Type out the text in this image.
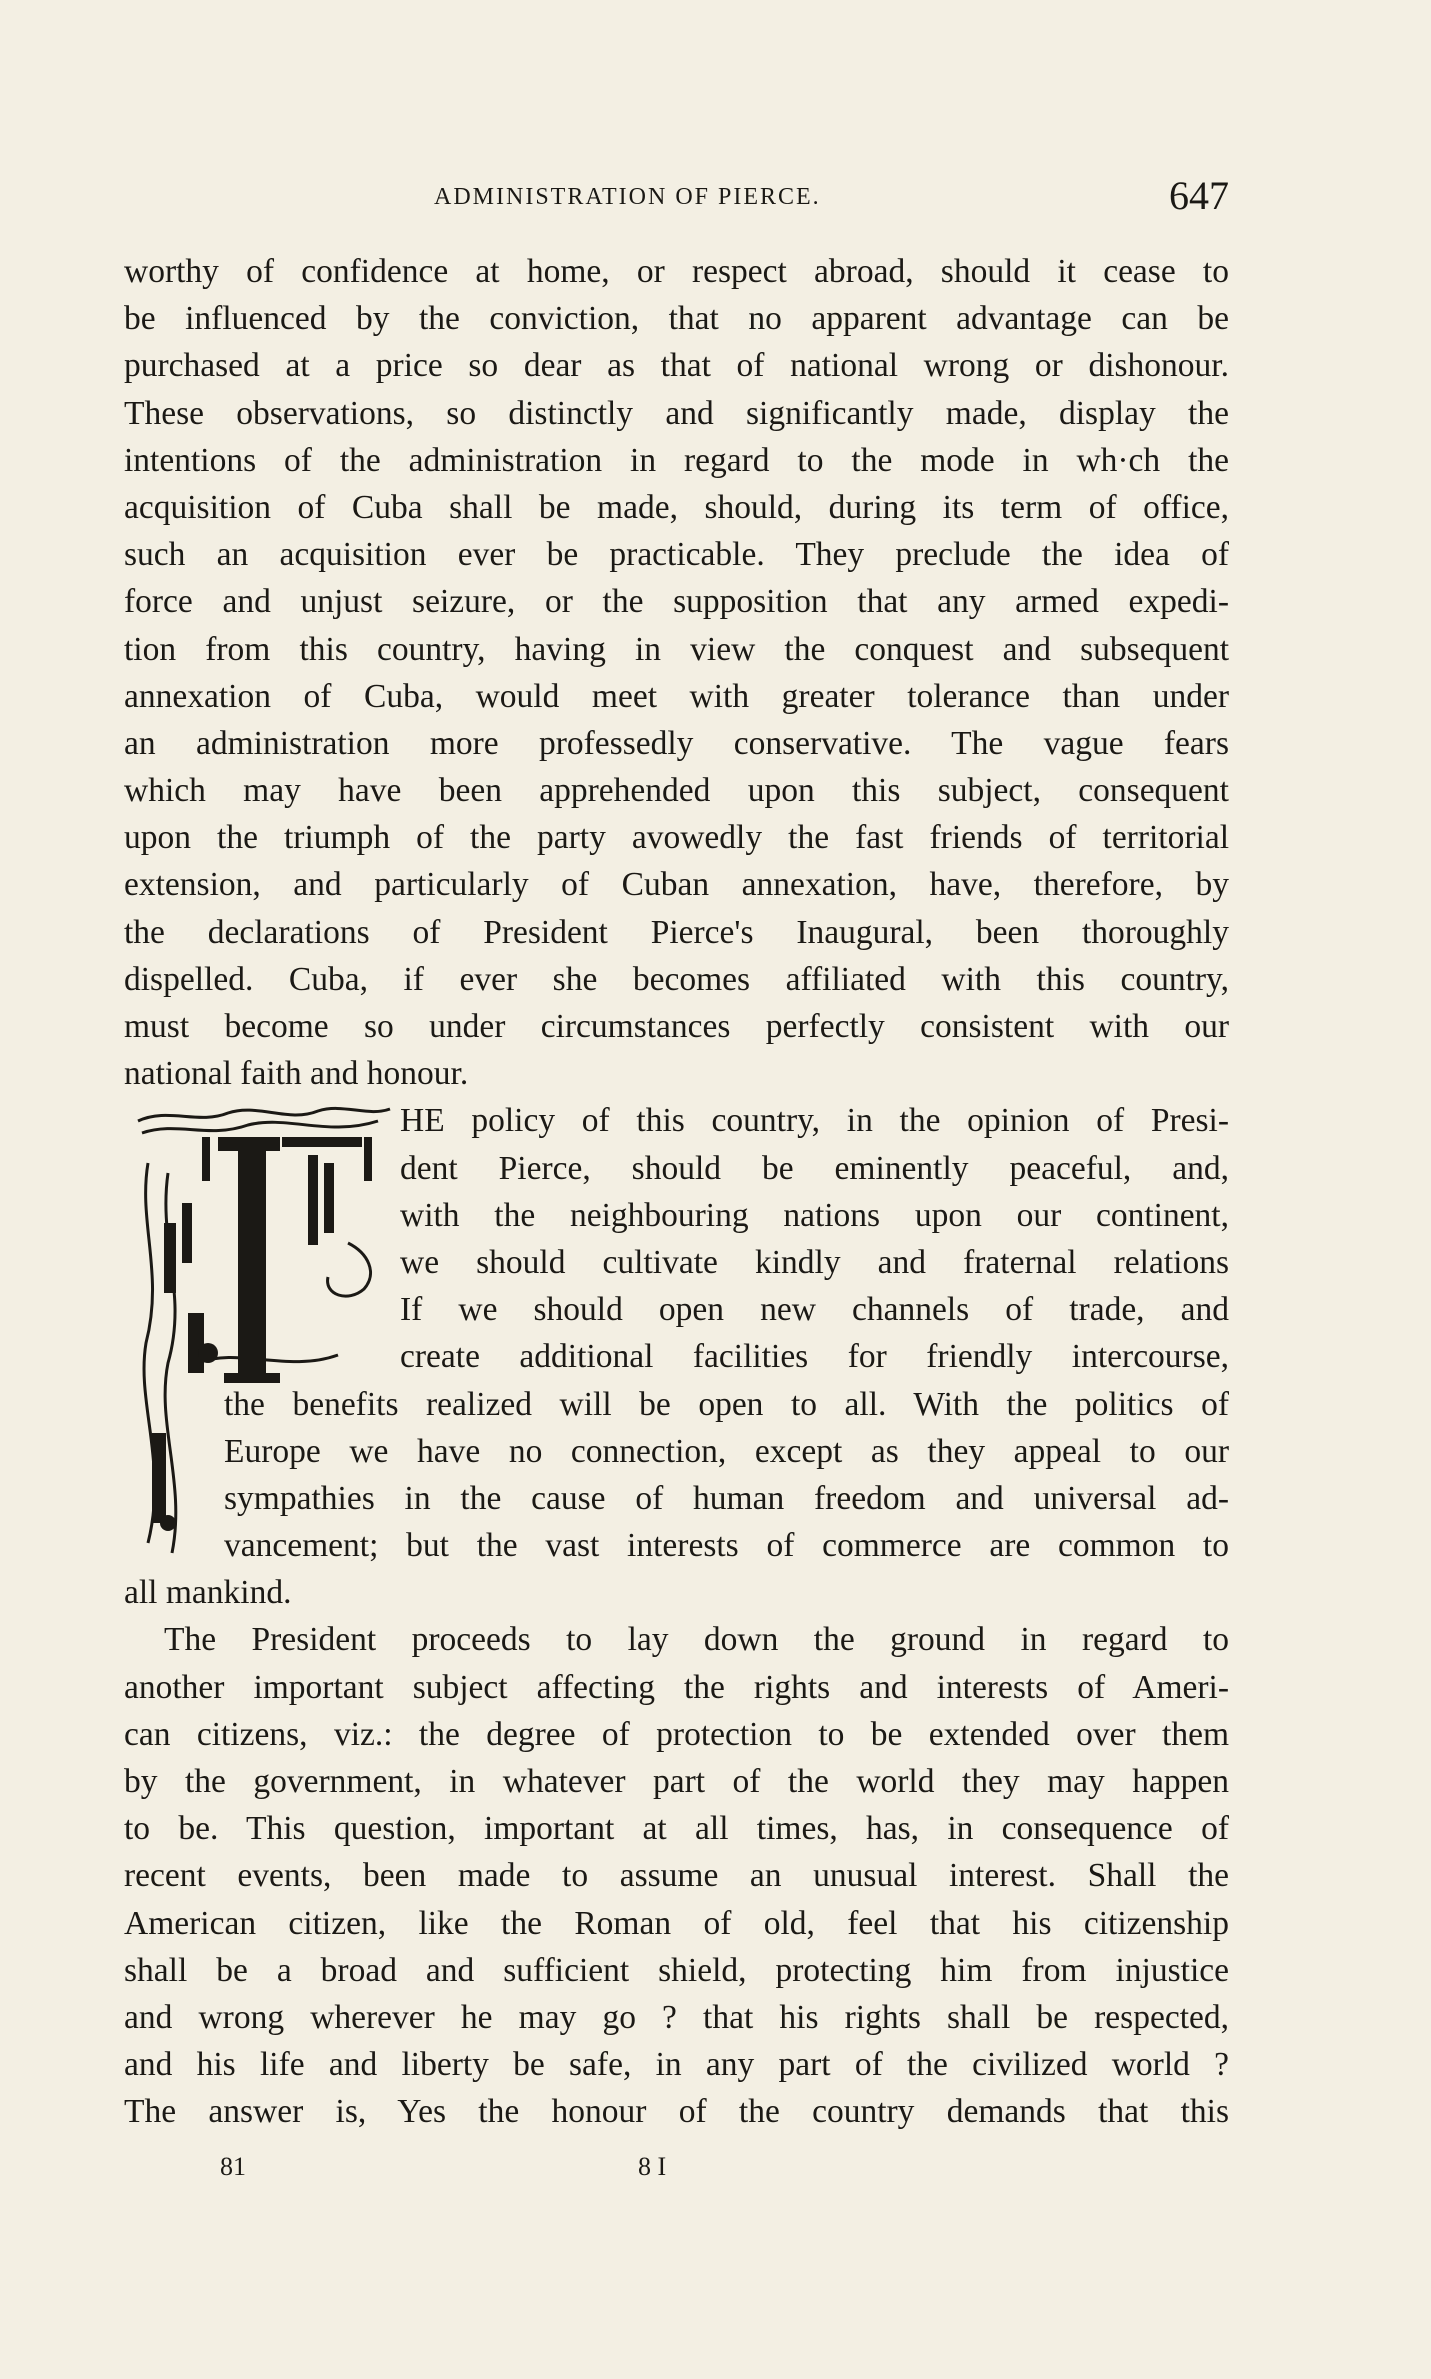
ADMINISTRATION OF PIERCE.	647
worthy of confidence at home, or respect abroad, should it cease to
be influenced by the conviction, that no apparent advantage can be
purchased at a price so dear as that of national wrong or dishonour.
These observations, so distinctly and significantly made, display the
intentions of the administration in regard to the mode in wh·ch the
acquisition of Cuba shall be made, should, during its term of office,
such an acquisition ever be practicable. They preclude the idea of
force and unjust seizure, or the supposition that any armed expedi-
tion from this country, having in view the conquest and subsequent
annexation of Cuba, would meet with greater tolerance than under
an administration more professedly conservative. The vague fears
which may have been apprehended upon this subject, consequent
upon the triumph of the party avowedly the fast friends of territorial
extension, and particularly of Cuban annexation, have, therefore, by
the declarations of President Pierce's Inaugural, been thoroughly
dispelled. Cuba, if ever she becomes affiliated with this country,
must become so under circumstances perfectly consistent with our
national faith and honour.
HE policy of this country, in the opinion of Presi-
dent Pierce, should be eminently peaceful, and,
with the neighbouring nations upon our continent,
we should cultivate kindly and fraternal relations
If we should open new channels of trade, and
create additional facilities for friendly intercourse,
the benefits realized will be open to all. With the politics of
Europe we have no connection, except as they appeal to our
sympathies in the cause of human freedom and universal ad-
vancement; but the vast interests of commerce are common to
all mankind.
The President proceeds to lay down the ground in regard to
another important subject affecting the rights and interests of Ameri-
can citizens, viz.: the degree of protection to be extended over them
by the government, in whatever part of the world they may happen
to be. This question, important at all times, has, in consequence of
recent events, been made to assume an unusual interest. Shall the
American citizen, like the Roman of old, feel that his citizenship
shall be a broad and sufficient shield, protecting him from injustice
and wrong wherever he may go ? that his rights shall be respected,
and his life and liberty be safe, in any part of the civilized world ?
The answer is, Yes the honour of the country demands that this
81	8 I
